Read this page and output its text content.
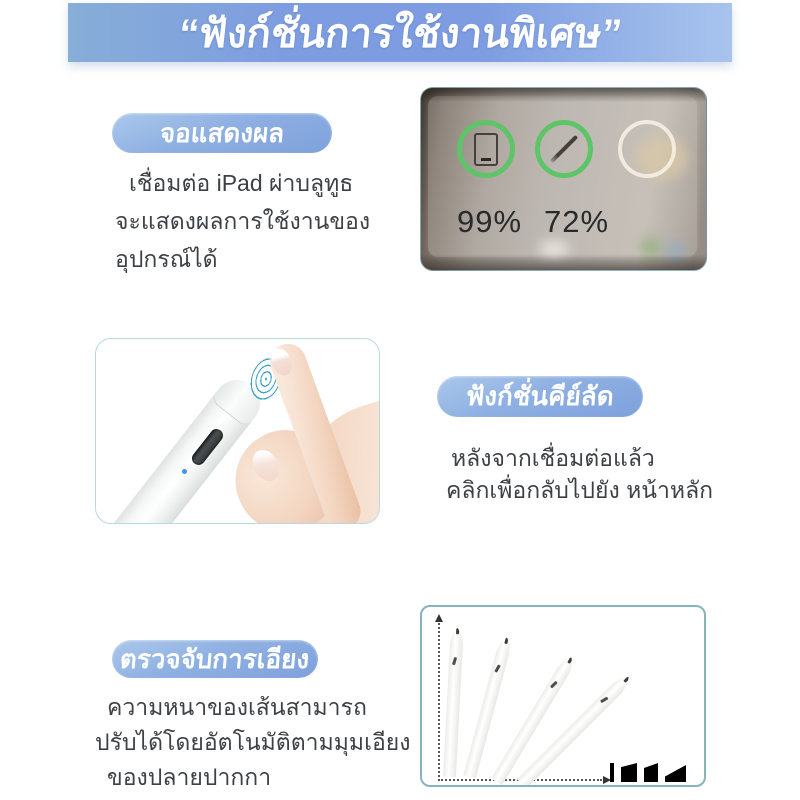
“ฟังก์ชั่นการใช้งานพิเศษ”
จอแสดงผล
เชื่อมต่อ iPad ผ่าบลูทูธ
จะแสดงผลการใช้งานของ
อุปกรณ์ได้
99% 72%
ฟังก์ชั่นคีย์ลัด
หลังจากเชื่อมต่อแล้ว
คลิกเพื่อกลับไปยัง หน้าหลัก
ตรวจจับการเอียง
ความหนาของเส้นสามารถ
ปรับได้โดยอัตโนมัติตามมุมเอียง
ของปลายปากกา
